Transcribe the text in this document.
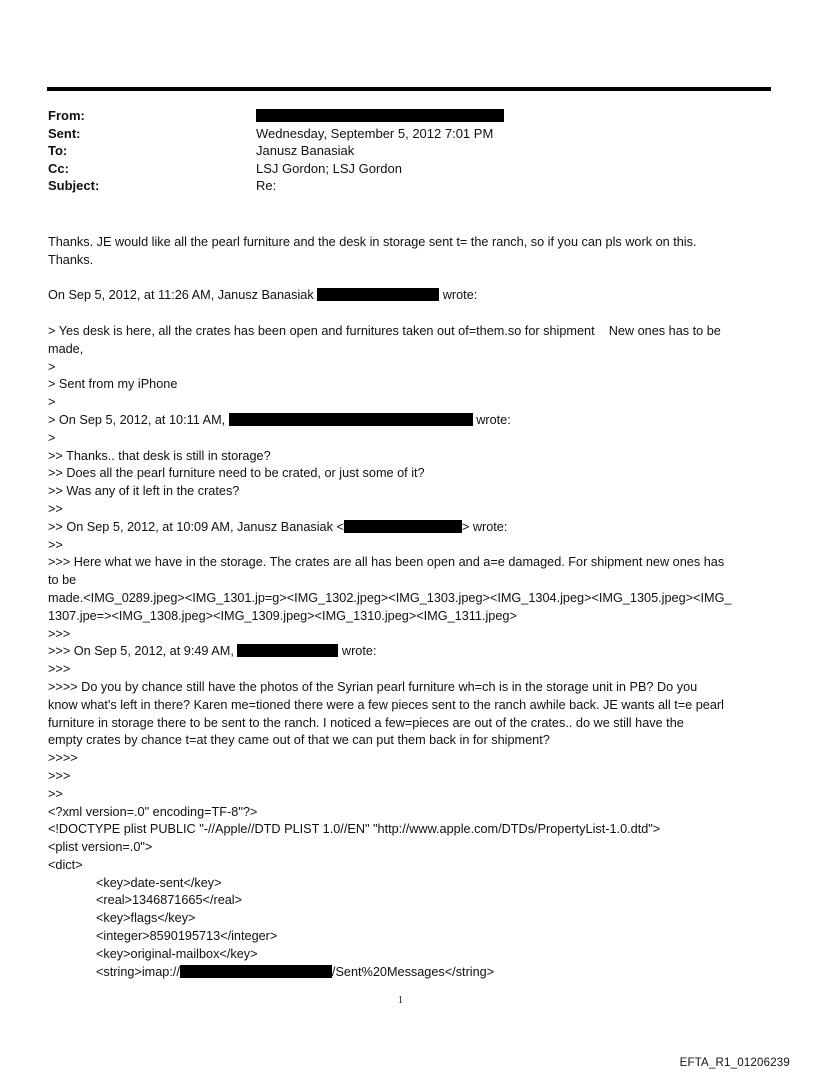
From:
Sent:	Wednesday, September 5, 2012 7:01 PM
To:	Janusz Banasiak
Cc:	LSJ Gordon; LSJ Gordon
Subject:	Re:
Thanks. JE would like all the pearl furniture and the desk in storage sent t= the ranch, so if you can pls work on this.
Thanks.
On Sep 5, 2012, at 11:26 AM, Janusz Banasiak	wrote:
> Yes desk is here, all the crates has been open and furnitures taken out of=them.so for shipment    New ones has to be
made,
>
> Sent from my iPhone
>
> On Sep 5, 2012, at 10:11 AM,	wrote:
>
>> Thanks.. that desk is still in storage?
>> Does all the pearl furniture need to be crated, or just some of it?
>> Was any of it left in the crates?
>>
>> On Sep 5, 2012, at 10:09 AM, Janusz Banasiak <	> wrote:
>>
>>> Here what we have in the storage. The crates are all has been open and a=e damaged. For shipment new ones has
to be
made.<IMG_0289.jpeg><IMG_1301.jp=g><IMG_1302.jpeg><IMG_1303.jpeg><IMG_1304.jpeg><IMG_1305.jpeg><IMG_
1307.jpe=><IMG_1308.jpeg><IMG_1309.jpeg><IMG_1310.jpeg><IMG_1311.jpeg>
>>>
>>> On Sep 5, 2012, at 9:49 AM,	wrote:
>>>
>>>> Do you by chance still have the photos of the Syrian pearl furniture wh=ch is in the storage unit in PB? Do you
know what's left in there? Karen me=tioned there were a few pieces sent to the ranch awhile back. JE wants all t=e pearl
furniture in storage there to be sent to the ranch. I noticed a few=pieces are out of the crates.. do we still have the
empty crates by chance t=at they came out of that we can put them back in for shipment?
>>>>
>>>
>>
<?xml version=.0" encoding=TF-8"?>
<!DOCTYPE plist PUBLIC "-//Apple//DTD PLIST 1.0//EN" "http://www.apple.com/DTDs/PropertyList-1.0.dtd">
<plist version=.0">
<dict>
<key>date-sent</key>
<real>1346871665</real>
<key>flags</key>
<integer>8590195713</integer>
<key>original-mailbox</key>
<string>imap://	/Sent%20Messages</string>
1
EFTA_R1_01206239
